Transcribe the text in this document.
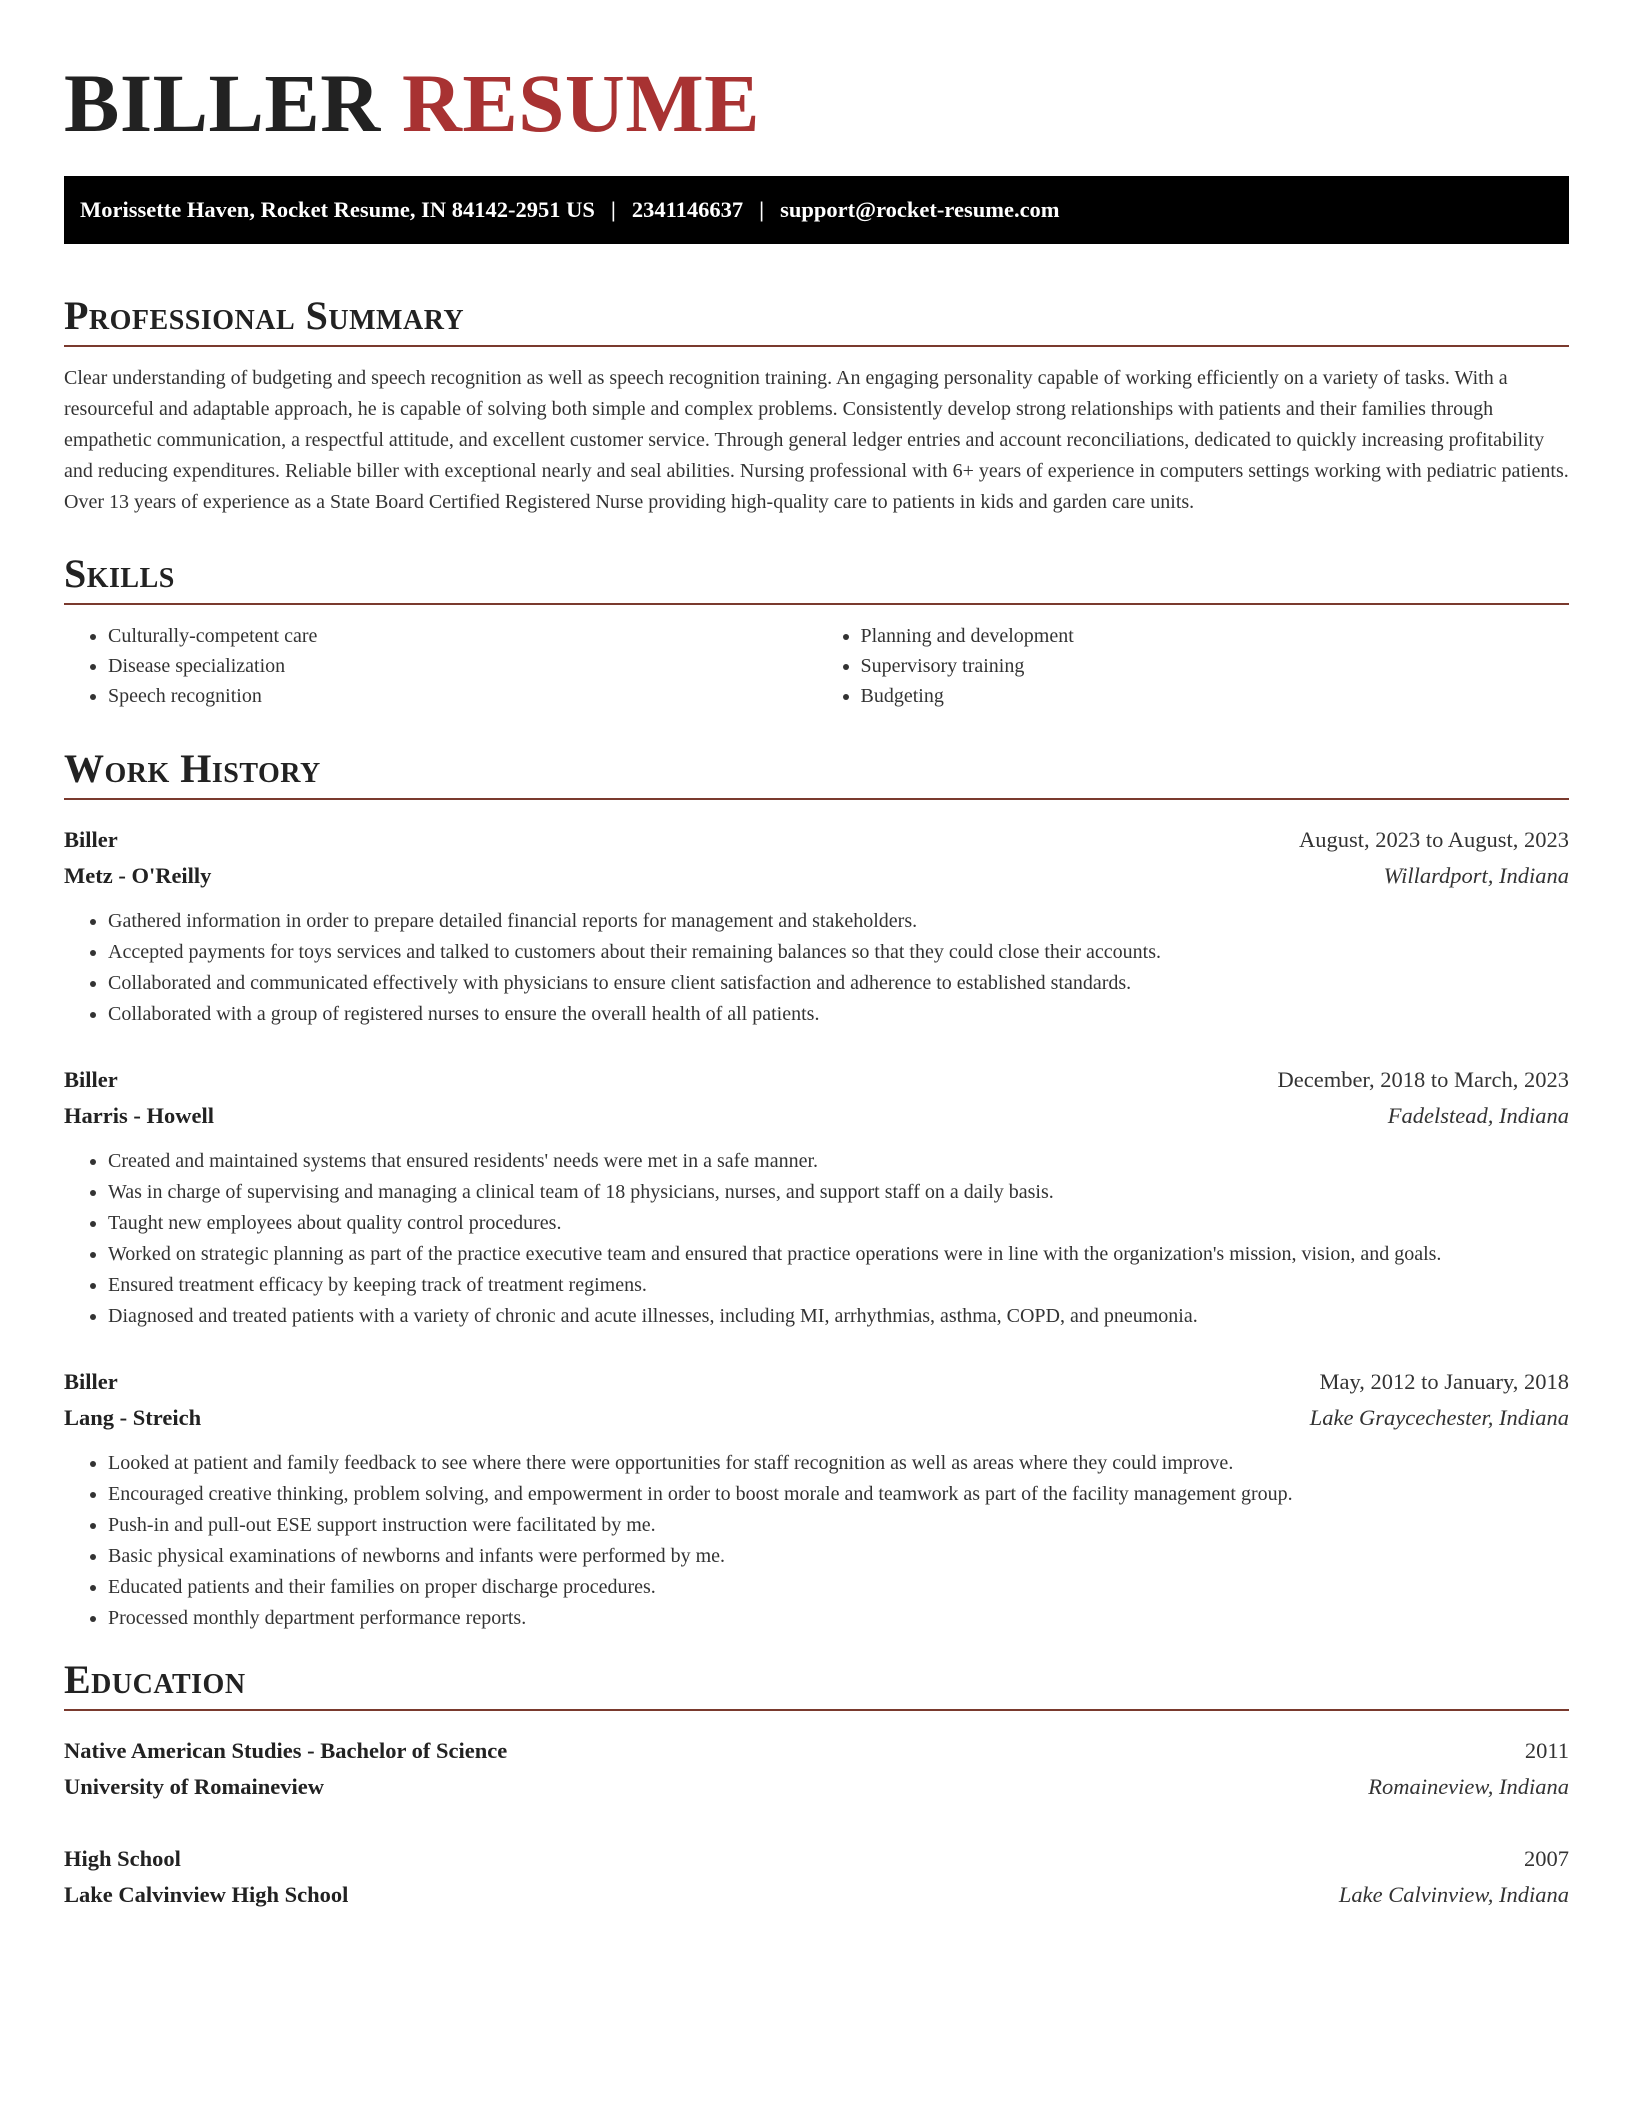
BILLER RESUME
Morissette Haven, Rocket Resume, IN 84142-2951 US | 2341146637 | support@rocket-resume.com
Professional Summary

Clear understanding of budgeting and speech recognition as well as speech recognition training. An engaging personality capable of working efficiently on a variety of tasks. With a resourceful and adaptable approach, he is capable of solving both simple and complex problems. Consistently develop strong relationships with patients and their families through empathetic communication, a respectful attitude, and excellent customer service. Through general ledger entries and account reconciliations, dedicated to quickly increasing profitability and reducing expenditures. Reliable biller with exceptional nearly and seal abilities. Nursing professional with 6+ years of experience in computers settings working with pediatric patients. Over 13 years of experience as a State Board Certified Registered Nurse providing high-quality care to patients in kids and garden care units.

Skills
• Culturally-competent care
• Disease specialization
• Speech recognition
• Planning and development
• Supervisory training
• Budgeting
Work History
Biller	August, 2023 to August, 2023
Metz - O'Reilly	Willardport, Indiana
• Gathered information in order to prepare detailed financial reports for management and stakeholders.
• Accepted payments for toys services and talked to customers about their remaining balances so that they could close their accounts.
• Collaborated and communicated effectively with physicians to ensure client satisfaction and adherence to established standards.
• Collaborated with a group of registered nurses to ensure the overall health of all patients.
Biller	December, 2018 to March, 2023
Harris - Howell	Fadelstead, Indiana
• Created and maintained systems that ensured residents' needs were met in a safe manner.
• Was in charge of supervising and managing a clinical team of 18 physicians, nurses, and support staff on a daily basis.
• Taught new employees about quality control procedures.
• Worked on strategic planning as part of the practice executive team and ensured that practice operations were in line with the organization's mission, vision, and goals.
• Ensured treatment efficacy by keeping track of treatment regimens.
• Diagnosed and treated patients with a variety of chronic and acute illnesses, including MI, arrhythmias, asthma, COPD, and pneumonia.
Biller	May, 2012 to January, 2018
Lang - Streich	Lake Graycechester, Indiana
• Looked at patient and family feedback to see where there were opportunities for staff recognition as well as areas where they could improve.
• Encouraged creative thinking, problem solving, and empowerment in order to boost morale and teamwork as part of the facility management group.
• Push-in and pull-out ESE support instruction were facilitated by me.
• Basic physical examinations of newborns and infants were performed by me.
• Educated patients and their families on proper discharge procedures.
• Processed monthly department performance reports.
Education
Native American Studies - Bachelor of Science	2011
University of Romaineview	Romaineview, Indiana
High School	2007
Lake Calvinview High School	Lake Calvinview, Indiana
